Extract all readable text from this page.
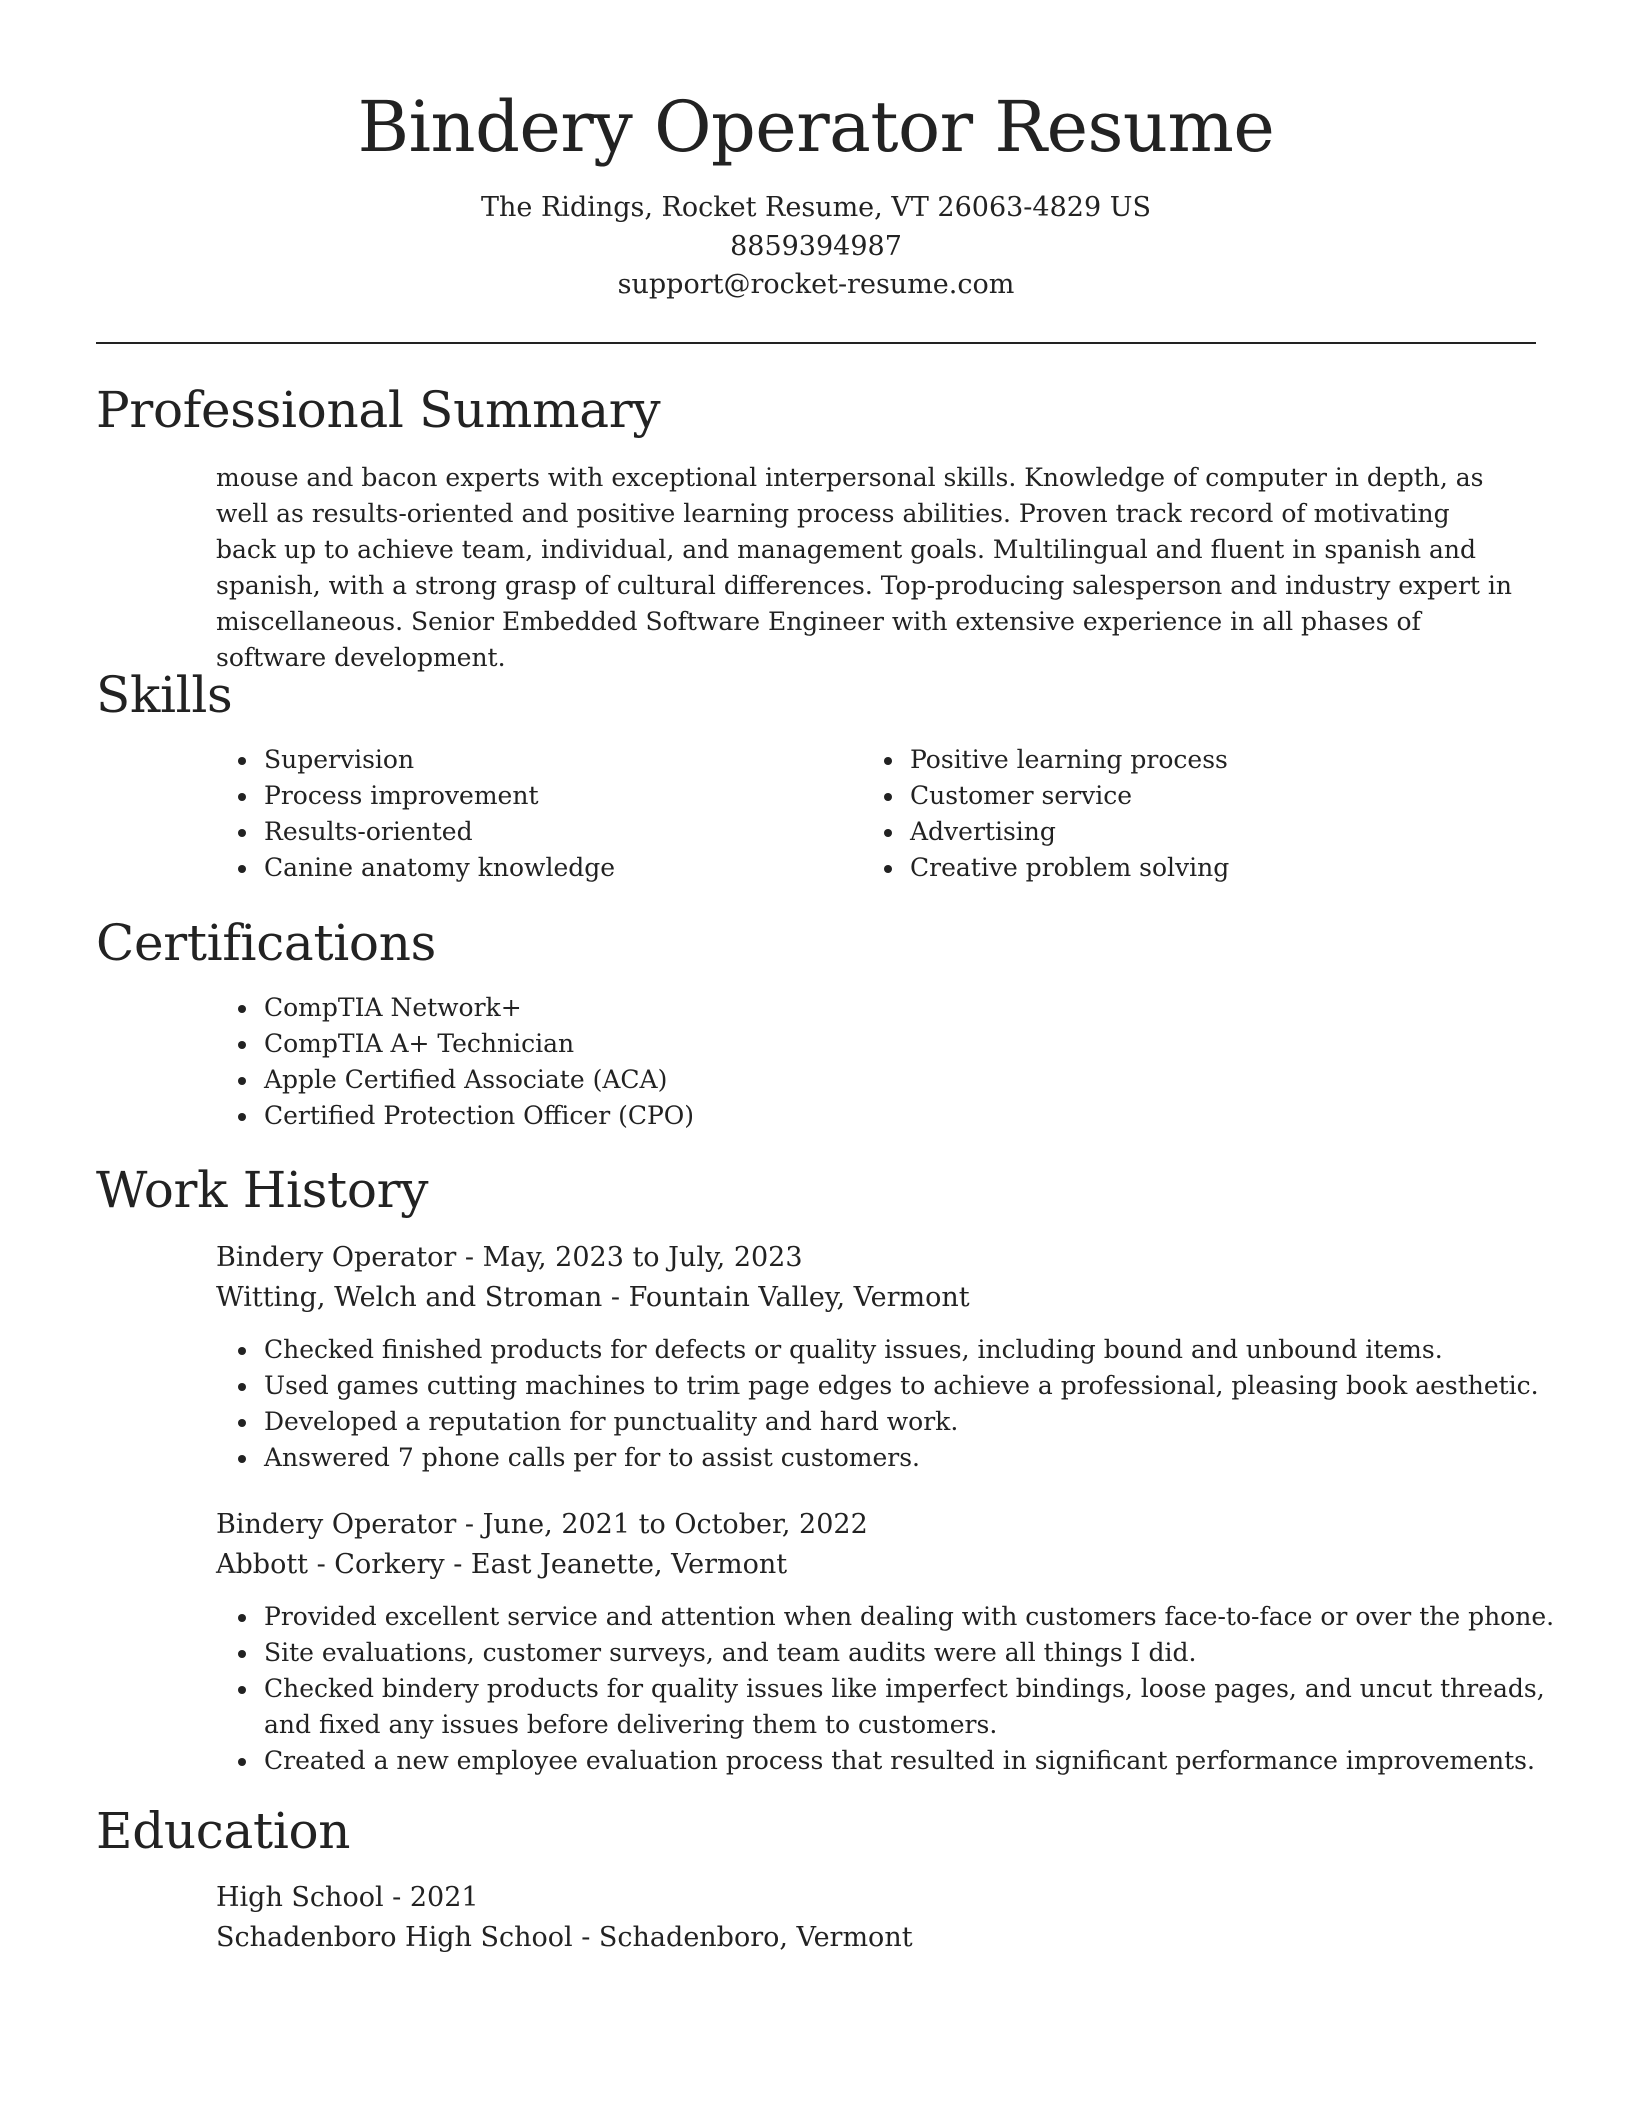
Bindery Operator Resume
The Ridings, Rocket Resume, VT 26063-4829 US
8859394987
support@rocket-resume.com
Professional Summary

mouse and bacon experts with exceptional interpersonal skills. Knowledge of computer in depth, as well as results-oriented and positive learning process abilities. Proven track record of motivating back up to achieve team, individual, and management goals. Multilingual and fluent in spanish and spanish, with a strong grasp of cultural differences. Top-producing salesperson and industry expert in miscellaneous. Senior Embedded Software Engineer with extensive experience in all phases of software development.

Skills
• Supervision
• Process improvement
• Results-oriented
• Canine anatomy knowledge
• Positive learning process
• Customer service
• Advertising
• Creative problem solving
Certifications
• CompTIA Network+
• CompTIA A+ Technician
• Apple Certified Associate (ACA)
• Certified Protection Officer (CPO)
Work History
Bindery Operator - May, 2023 to July, 2023
Witting, Welch and Stroman - Fountain Valley, Vermont
• Checked finished products for defects or quality issues, including bound and unbound items.
• Used games cutting machines to trim page edges to achieve a professional, pleasing book aesthetic.
• Developed a reputation for punctuality and hard work.
• Answered 7 phone calls per for to assist customers.
Bindery Operator - June, 2021 to October, 2022
Abbott - Corkery - East Jeanette, Vermont
• Provided excellent service and attention when dealing with customers face-to-face or over the phone.
• Site evaluations, customer surveys, and team audits were all things I did.
• Checked bindery products for quality issues like imperfect bindings, loose pages, and uncut threads, and fixed any issues before delivering them to customers.
• Created a new employee evaluation process that resulted in significant performance improvements.
Education
High School - 2021
Schadenboro High School - Schadenboro, Vermont
